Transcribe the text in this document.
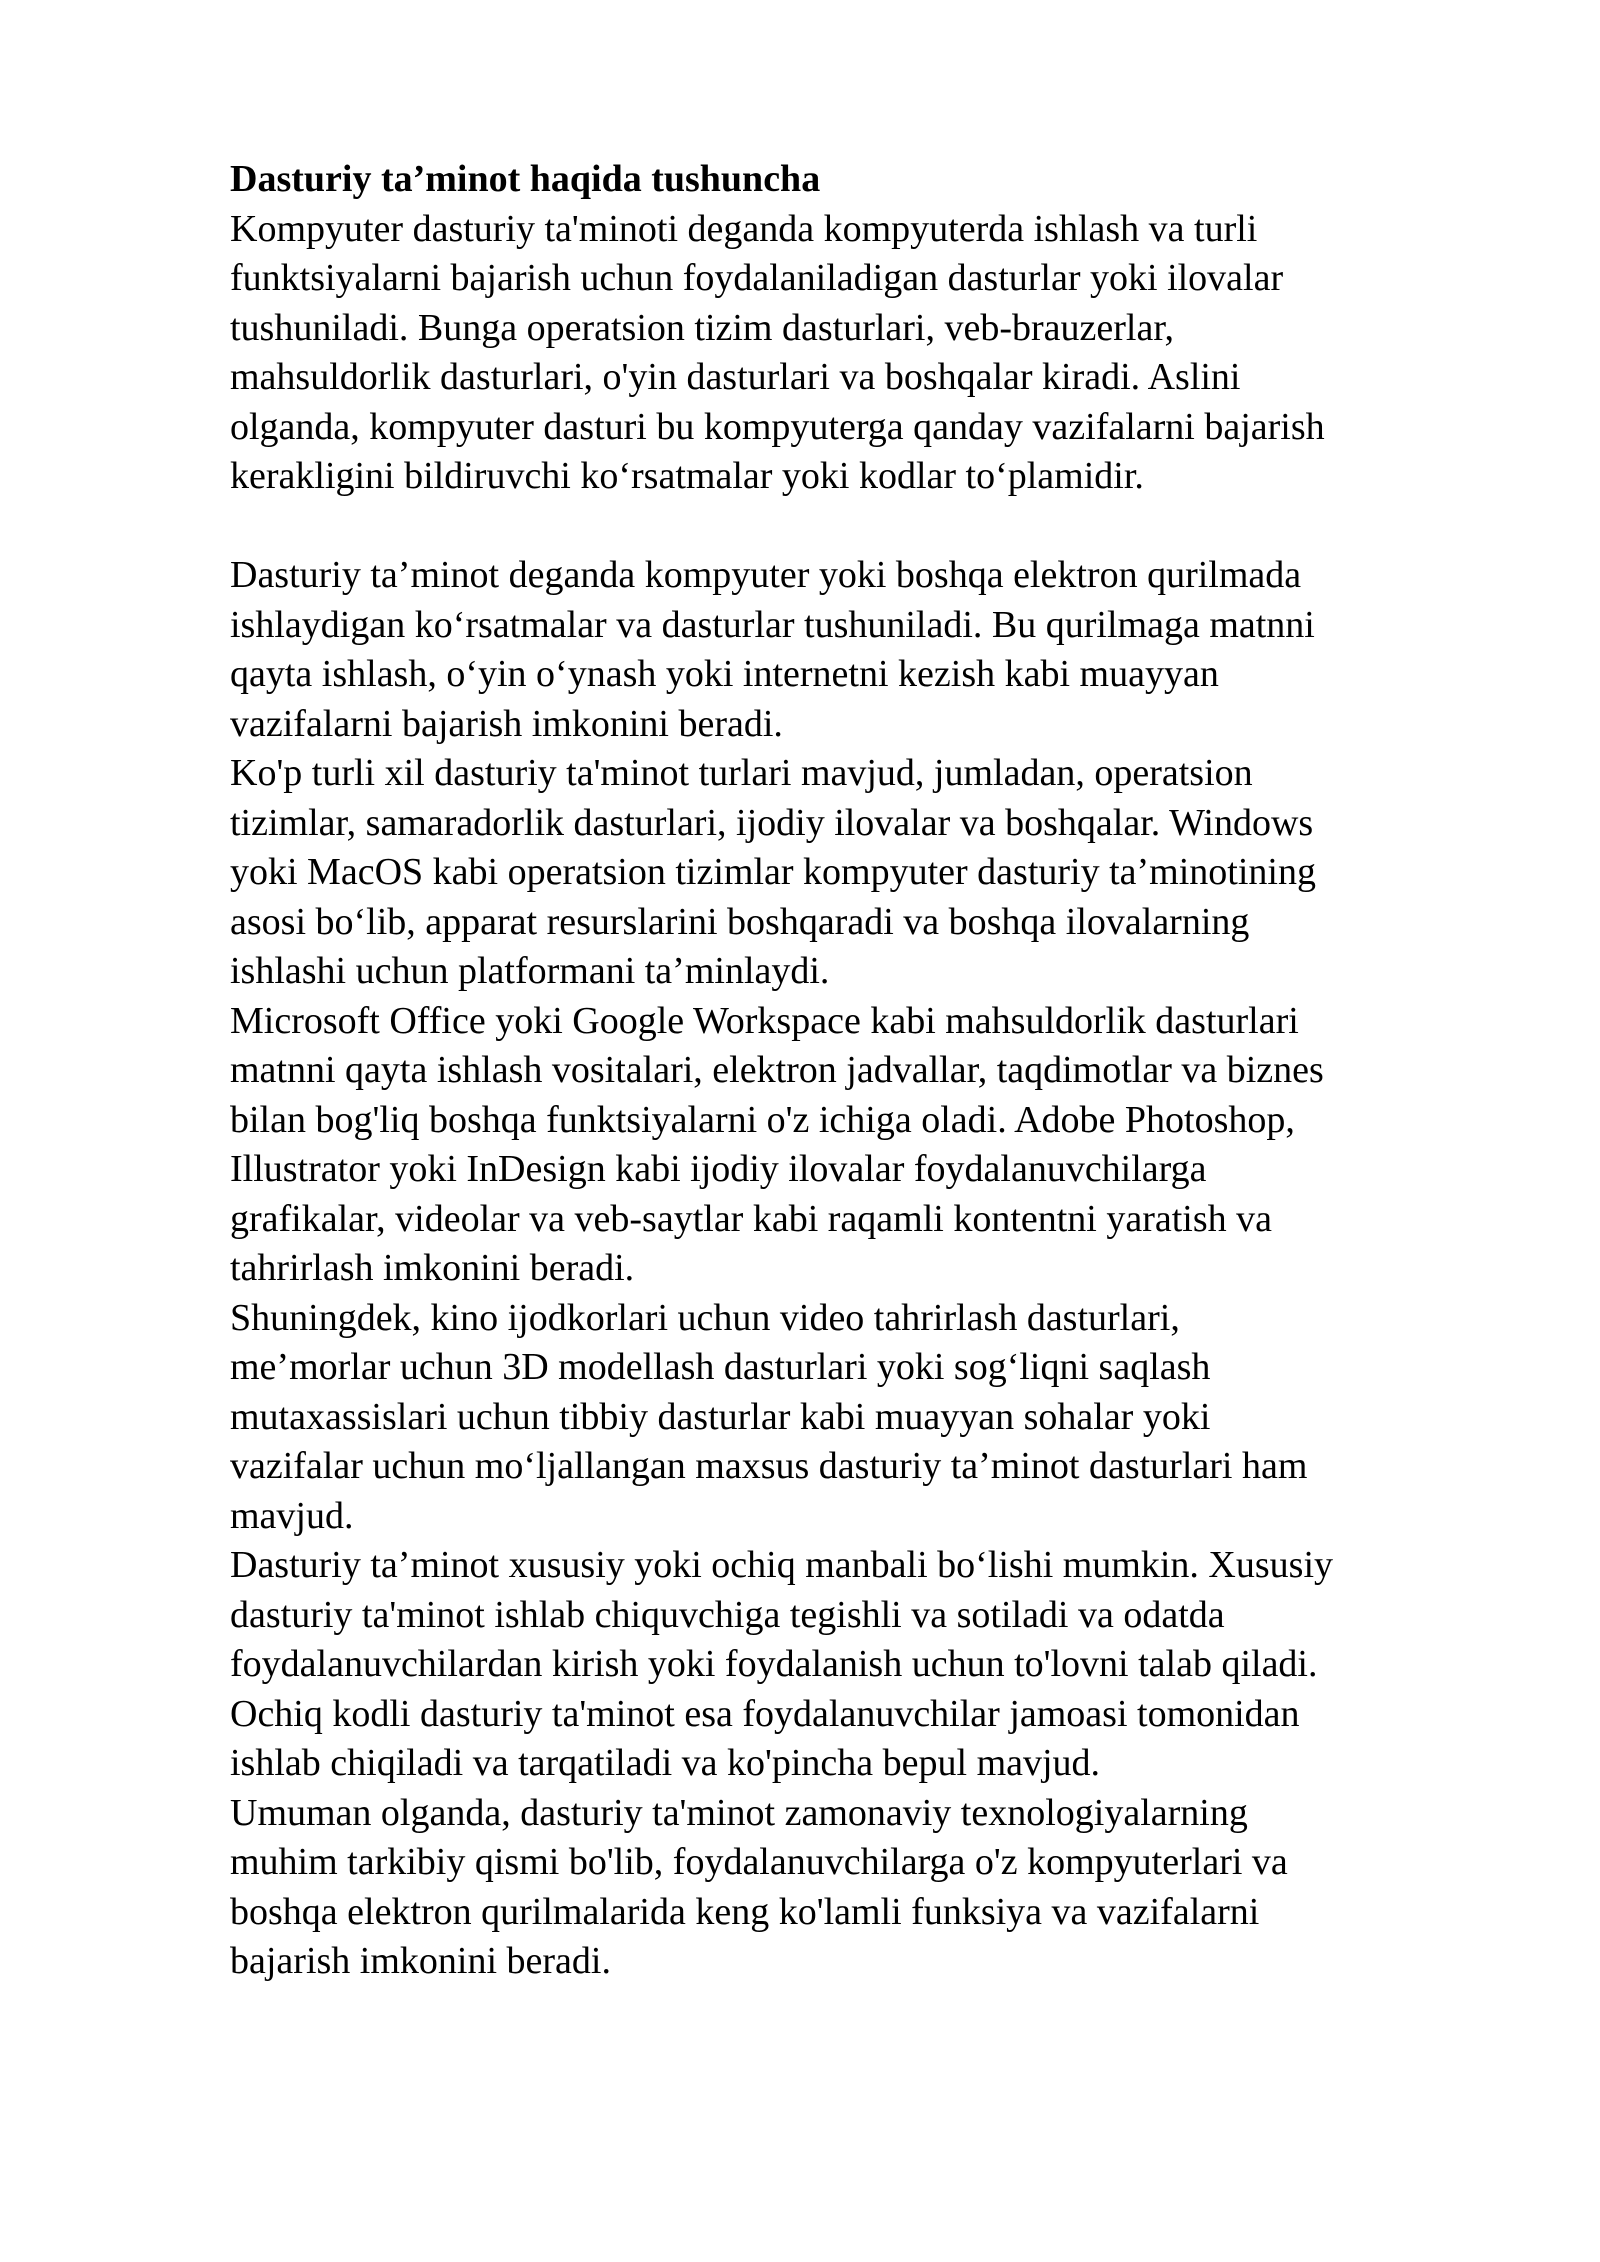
Dasturiy ta’minot haqida tushuncha

Kompyuter dasturiy ta'minoti deganda kompyuterda ishlash va turli
funktsiyalarni bajarish uchun foydalaniladigan dasturlar yoki ilovalar
tushuniladi. Bunga operatsion tizim dasturlari, veb-brauzerlar,
mahsuldorlik dasturlari, o'yin dasturlari va boshqalar kiradi. Aslini
olganda, kompyuter dasturi bu kompyuterga qanday vazifalarni bajarish
kerakligini bildiruvchi ko‘rsatmalar yoki kodlar to‘plamidir.

Dasturiy ta’minot deganda kompyuter yoki boshqa elektron qurilmada
ishlaydigan ko‘rsatmalar va dasturlar tushuniladi. Bu qurilmaga matnni
qayta ishlash, o‘yin o‘ynash yoki internetni kezish kabi muayyan
vazifalarni bajarish imkonini beradi.

Ko'p turli xil dasturiy ta'minot turlari mavjud, jumladan, operatsion
tizimlar, samaradorlik dasturlari, ijodiy ilovalar va boshqalar. Windows
yoki MacOS kabi operatsion tizimlar kompyuter dasturiy ta’minotining
asosi bo‘lib, apparat resurslarini boshqaradi va boshqa ilovalarning
ishlashi uchun platformani ta’minlaydi.

Microsoft Office yoki Google Workspace kabi mahsuldorlik dasturlari
matnni qayta ishlash vositalari, elektron jadvallar, taqdimotlar va biznes
bilan bog'liq boshqa funktsiyalarni o'z ichiga oladi. Adobe Photoshop,
Illustrator yoki InDesign kabi ijodiy ilovalar foydalanuvchilarga
grafikalar, videolar va veb-saytlar kabi raqamli kontentni yaratish va
tahrirlash imkonini beradi.

Shuningdek, kino ijodkorlari uchun video tahrirlash dasturlari,
me’morlar uchun 3D modellash dasturlari yoki sog‘liqni saqlash
mutaxassislari uchun tibbiy dasturlar kabi muayyan sohalar yoki
vazifalar uchun mo‘ljallangan maxsus dasturiy ta’minot dasturlari ham
mavjud.

Dasturiy ta’minot xususiy yoki ochiq manbali bo‘lishi mumkin. Xususiy
dasturiy ta'minot ishlab chiquvchiga tegishli va sotiladi va odatda
foydalanuvchilardan kirish yoki foydalanish uchun to'lovni talab qiladi.
Ochiq kodli dasturiy ta'minot esa foydalanuvchilar jamoasi tomonidan
ishlab chiqiladi va tarqatiladi va ko'pincha bepul mavjud.

Umuman olganda, dasturiy ta'minot zamonaviy texnologiyalarning
muhim tarkibiy qismi bo'lib, foydalanuvchilarga o'z kompyuterlari va
boshqa elektron qurilmalarida keng ko'lamli funksiya va vazifalarni
bajarish imkonini beradi.
